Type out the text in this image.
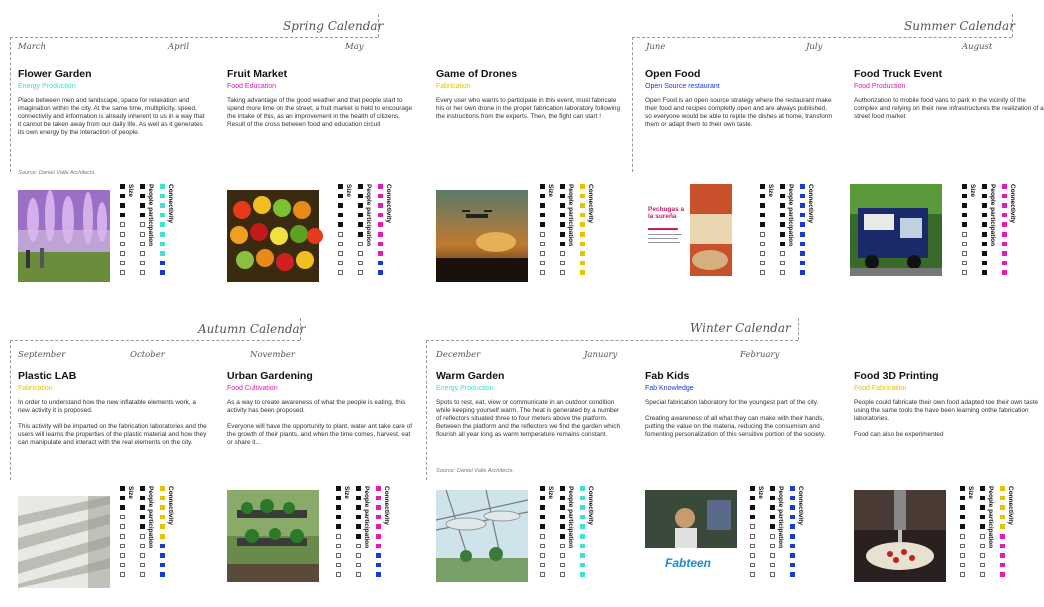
Spring Calendar
March	April	May
Summer Calendar
June	July	August
Autumn Calendar
September	October	November
Winter Calendar
December	January	February
Flower Garden
Energy Production
Place between men and landscape, space for relaxation and imagination within the city. At the same time, multiplicity, speed, connectivity and information is already inherent to us in a way that it cannot be taken away from our daily life. As well as it generates its own energy by the interaction of people.
Source: Daniel Valle Architects.
Size People participation Connectivity
Fruit Market
Food Education
Taking advantage of the good weather and that people start to spend more time on the street, a fruit market is held to encourage the intake of this, as an improvement in the health of citizens. Result of the cross between food and education circuit
Size People participation Connectivity
Game of Drones
Fabrication
Every user who wants to participate in this event, must fabricate his or her own drone in the proper fabrication laboratory following the instructions from the experts. Then, the fight can start !
Size People participation Connectivity
Open Food
Open Source restaurant
Open Food is an open source strategy where the restaurant make their food and recipes completly open and are always published, so everyone would be able to repite the dishes at home, transform them or adapt them to their own taste.
Pechugas a la sureña
Size People participation Connectivity
Food Truck Event
Food Production
Authorization to mobile food vans to park in the vicinity of the complex and relying on their new infrastructures the realization of a street food market
Size People participation Connectivity
Plastic LAB
Fabrication
In order to understand how the new inflatable elements work, a new activity it is proposed.

This activity will be imparted on the fabrication laboratories and the users will learns the properties of the plastic material and how they can manipulate and interact with the real elements on the city.
Size People participation Connectivity
Urban Gardening
Food Cultivation
As a way to create awareness of what the people is eating, this activity has been proposed.

Everyone will have the opportunity to plant, water ant take care of the growth of their plants, and when the time comes, harvest, eat or share it...
Size People participation Connectivity
Warm Garden
Energy Production
Spots to rest, eat, view or communicate in an outdoor condition while keeping yourself warm. The heat is generated by a number of reflectors situated three to four meters above the platform. Between the platform and the reflectors we find the garden which flourish all year long as warm temperature remains constant.
Source: Daniel Valle Architects.
Size People participation Connectivity
Fab Kids
Fab Knowledge
Special fabrication laboratory for the youngest part of the city.

Creating awareness of all what they can make with their hands, putting the value on the materia, reducing the consumism and fomenting personalization of this sensitive portion of the society.
Fabteen
Size People participation Connectivity
Food 3D Printing
Food Fabrication
People could fabricate their own food adapted toe their own taste using the same tools the have been learning onthe fabrication laboratories.

Food can also be experimented
Size People participation Connectivity
